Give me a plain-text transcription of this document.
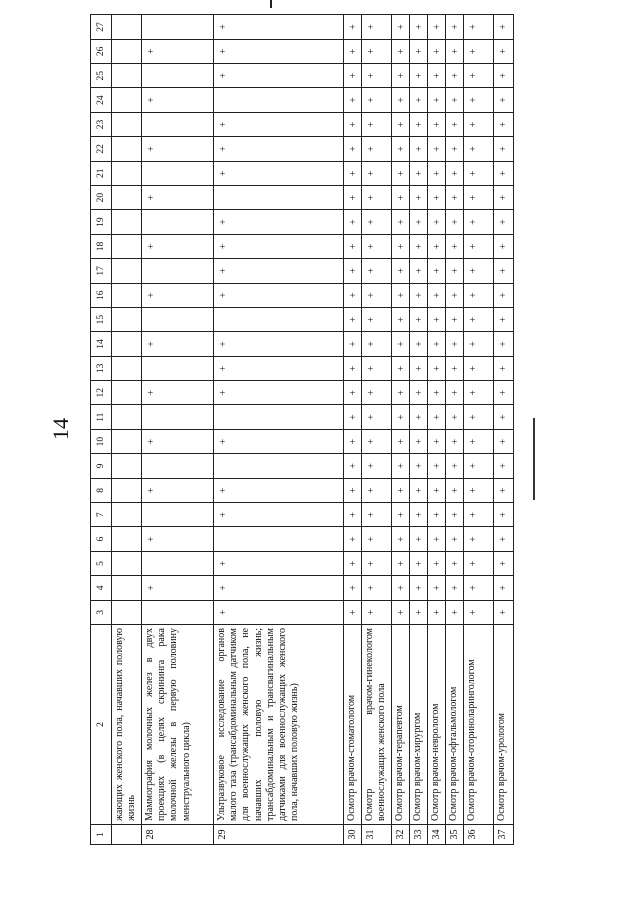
14
1	2	3	4	5	6	7	8	9	10	11	12	13	14	15	16	17	18	19	20	21	22	23	24	25	26	27
	жающих женского пола, начавших половую жизнь																									
28	Маммография молочных желез в двух проекциях (в целях скрининга рака молочной железы в первую половину менструального цикла)		+		+		+		+		+		+		+		+		+		+		+		+	
29	Ультразвуковое исследование органов малого таза (трансабдоминальным датчиком для военнослужащих женского пола, не начавших половую жизнь; трансабдоминальным и трансвагинальным датчиками для военнослужащих женского пола, начавших половую жизнь)	+	+	+		+	+		+		+	+	+		+	+	+	+		+	+	+		+	+	+
30	Осмотр врачом-стоматологом	+	+	+	+	+	+	+	+	+	+	+	+	+	+	+	+	+	+	+	+	+	+	+	+	+
31	Осмотр врачом-гинекологом военнослужащих женского пола	+	+	+	+	+	+	+	+	+	+	+	+	+	+	+	+	+	+	+	+	+	+	+	+	+
32	Осмотр врачом-терапевтом	+	+	+	+	+	+	+	+	+	+	+	+	+	+	+	+	+	+	+	+	+	+	+	+	+
33	Осмотр врачом-хирургом	+	+	+	+	+	+	+	+	+	+	+	+	+	+	+	+	+	+	+	+	+	+	+	+	+
34	Осмотр врачом-неврологом	+	+	+	+	+	+	+	+	+	+	+	+	+	+	+	+	+	+	+	+	+	+	+	+	+
35	Осмотр врачом-офтальмологом	+	+	+	+	+	+	+	+	+	+	+	+	+	+	+	+	+	+	+	+	+	+	+	+	+
36	Осмотр врачом-оториноларингологом	+	+	+	+	+	+	+	+	+	+	+	+	+	+	+	+	+	+	+	+	+	+	+	+	+
37	Осмотр врачом-урологом	+	+	+	+	+	+	+	+	+	+	+	+	+	+	+	+	+	+	+	+	+	+	+	+	+
